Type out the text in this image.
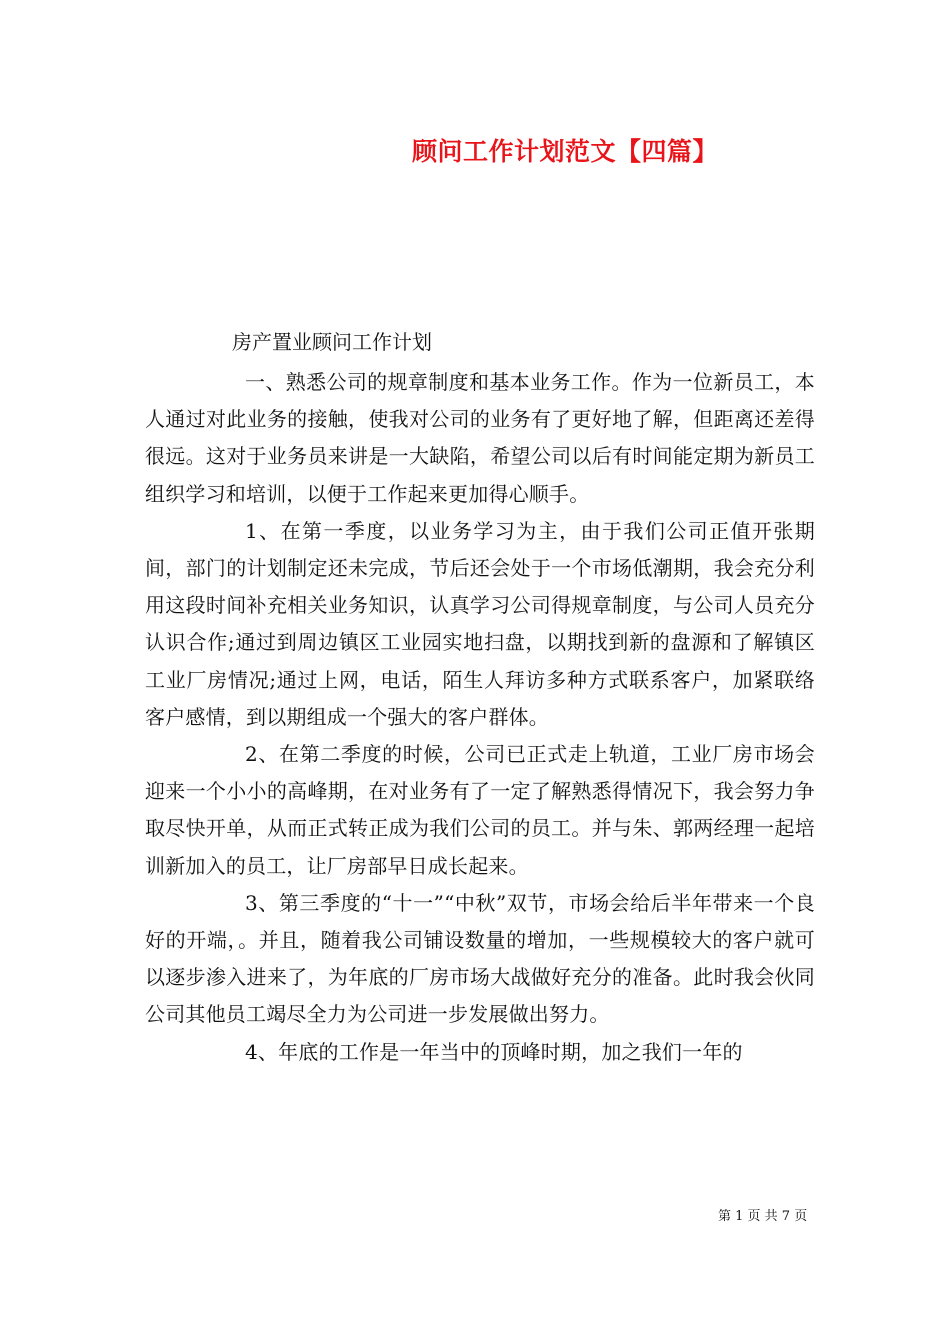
顾问工作计划范文【四篇】
房产置业顾问工作计划

一、熟悉公司的规章制度和基本业务工作。作为一位新员工，本人通过对此业务的接触，使我对公司的业务有了更好地了解，但距离还差得很远。这对于业务员来讲是一大缺陷，希望公司以后有时间能定期为新员工组织学习和培训，以便于工作起来更加得心顺手。

1、在第一季度，以业务学习为主，由于我们公司正值开张期间，部门的计划制定还未完成，节后还会处于一个市场低潮期，我会充分利用这段时间补充相关业务知识，认真学习公司得规章制度，与公司人员充分认识合作;通过到周边镇区工业园实地扫盘，以期找到新的盘源和了解镇区工业厂房情况;通过上网，电话，陌生人拜访多种方式联系客户，加紧联络客户感情，到以期组成一个强大的客户群体。

2、在第二季度的时候，公司已正式走上轨道，工业厂房市场会迎来一个小小的高峰期，在对业务有了一定了解熟悉得情况下，我会努力争取尽快开单，从而正式转正成为我们公司的员工。并与朱、郭两经理一起培训新加入的员工，让厂房部早日成长起来。

3、第三季度的“十一”“中秋”双节，市场会给后半年带来一个良好的开端，。并且，随着我公司铺设数量的增加，一些规模较大的客户就可以逐步渗入进来了，为年底的厂房市场大战做好充分的准备。此时我会伙同公司其他员工竭尽全力为公司进一步发展做出努力。

4、年底的工作是一年当中的顶峰时期，加之我们一年的

第 1 页 共 7 页
